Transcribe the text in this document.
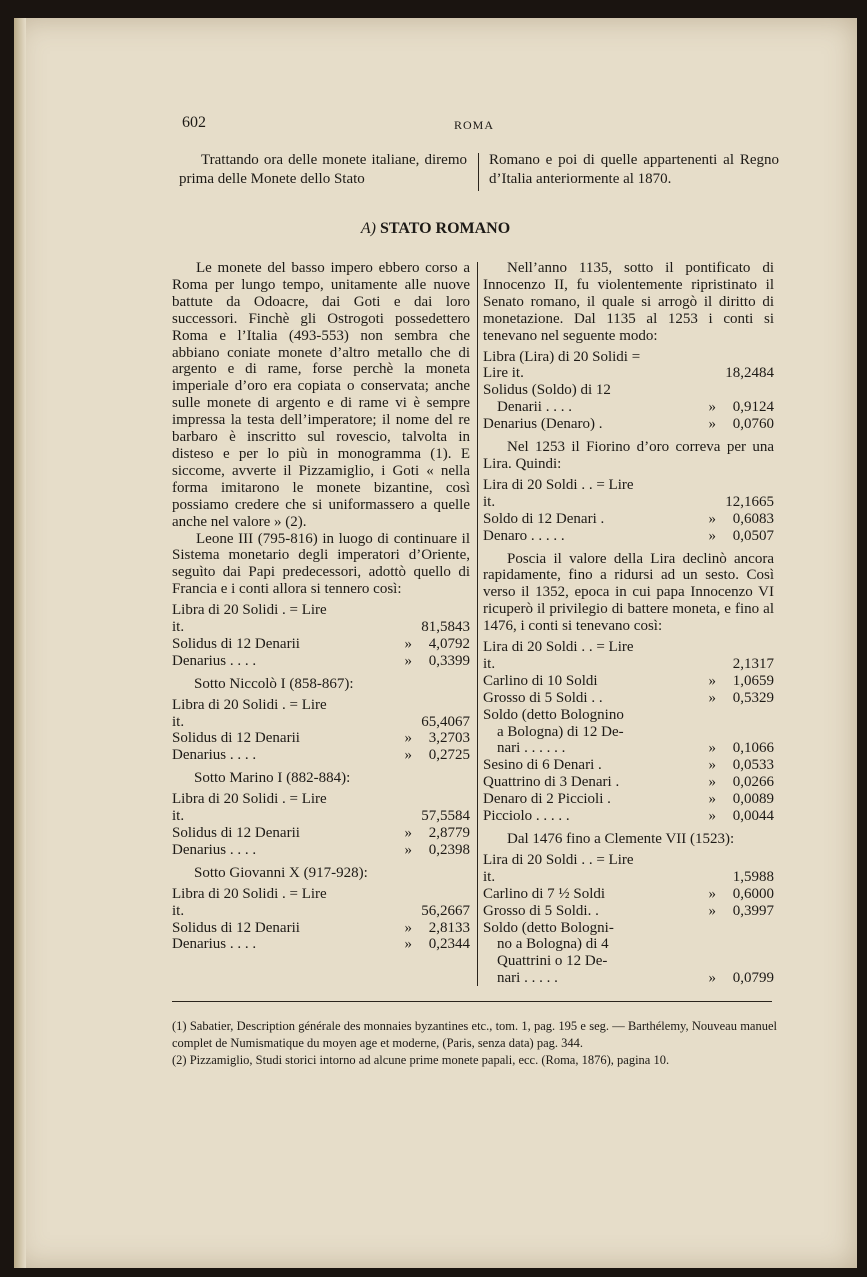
602	ROMA
Trattando ora delle monete italiane, diremo prima delle Monete dello Stato
Romano e poi di quelle appartenenti al Regno d’Italia anteriormente al 1870.
A) STATO ROMANO

Le monete del basso impero ebbero corso a Roma per lungo tempo, unitamente alle nuove battute da Odoacre, dai Goti e dai loro successori. Finchè gli Ostrogoti possedettero Roma e l’Italia (493-553) non sembra che abbiano coniate monete d’altro metallo che di argento e di rame, forse perchè la moneta imperiale d’oro era copiata o conservata; anche sulle monete di argento e di rame vi è sempre impressa la testa dell’imperatore; il nome del re barbaro è inscritto sul rovescio, talvolta in disteso e per lo più in monogramma (1). E siccome, avverte il Pizzamiglio, i Goti « nella forma imitarono le monete bizantine, così possiamo credere che si uniformassero a quelle anche nel valore » (2).

Leone III (795-816) in luogo di continuare il Sistema monetario degli imperatori d’Oriente, seguìto dai Papi predecessori, adottò quello di Francia e i conti allora si tennero così:

Libra di 20 Solidi . = Lire it.		81,5843
Solidus di 12 Denarii	»	4,0792
Denarius . . . .	»	0,3399

Sotto Niccolò I (858-867):

Libra di 20 Solidi . = Lire it.		65,4067
Solidus di 12 Denarii	»	3,2703
Denarius . . . .	»	0,2725

Sotto Marino I (882-884):

Libra di 20 Solidi . = Lire it.		57,5584
Solidus di 12 Denarii	»	2,8779
Denarius . . . .	»	0,2398

Sotto Giovanni X (917-928):

Libra di 20 Solidi . = Lire it.		56,2667
Solidus di 12 Denarii	»	2,8133
Denarius . . . .	»	0,2344

Nell’anno 1135, sotto il pontificato di Innocenzo II, fu violentemente ripristinato il Senato romano, il quale si arrogò il diritto di monetazione. Dal 1135 al 1253 i conti si tenevano nel seguente modo:

Libra (Lira) di 20 Solidi = Lire it.		18,2484
Solidus (Soldo) di 12		
Denarii . . . .	»	0,9124
Denarius (Denaro) .	»	0,0760

Nel 1253 il Fiorino d’oro correva per una Lira. Quindi:

Lira di 20 Soldi . . = Lire it.		12,1665
Soldo di 12 Denari .	»	0,6083
Denaro . . . . .	»	0,0507

Poscia il valore della Lira declinò ancora rapidamente, fino a ridursi ad un sesto. Così verso il 1352, epoca in cui papa Innocenzo VI ricuperò il privilegio di battere moneta, e fino al 1476, i conti si tenevano così:

Lira di 20 Soldi . . = Lire it.		2,1317
Carlino di 10 Soldi	»	1,0659
Grosso di 5 Soldi . .	»	0,5329
Soldo (detto Bolognino		
a Bologna) di 12 De-		
nari . . . . . .	»	0,1066
Sesino di 6 Denari .	»	0,0533
Quattrino di 3 Denari .	»	0,0266
Denaro di 2 Piccioli .	»	0,0089
Picciolo . . . . .	»	0,0044

Dal 1476 fino a Clemente VII (1523):

Lira di 20 Soldi . . = Lire it.		1,5988
Carlino di 7 ½ Soldi	»	0,6000
Grosso di 5 Soldi. .	»	0,3997
Soldo (detto Bologni-		
no a Bologna) di 4		
Quattrini o 12 De-		
nari . . . . .	»	0,0799

(1) Sabatier, Description générale des monnaies byzantines etc., tom. 1, pag. 195 e seg. — Barthélemy, Nouveau manuel complet de Numismatique du moyen age et moderne, (Paris, senza data) pag. 344.

(2) Pizzamiglio, Studi storici intorno ad alcune prime monete papali, ecc. (Roma, 1876), pagina 10.
